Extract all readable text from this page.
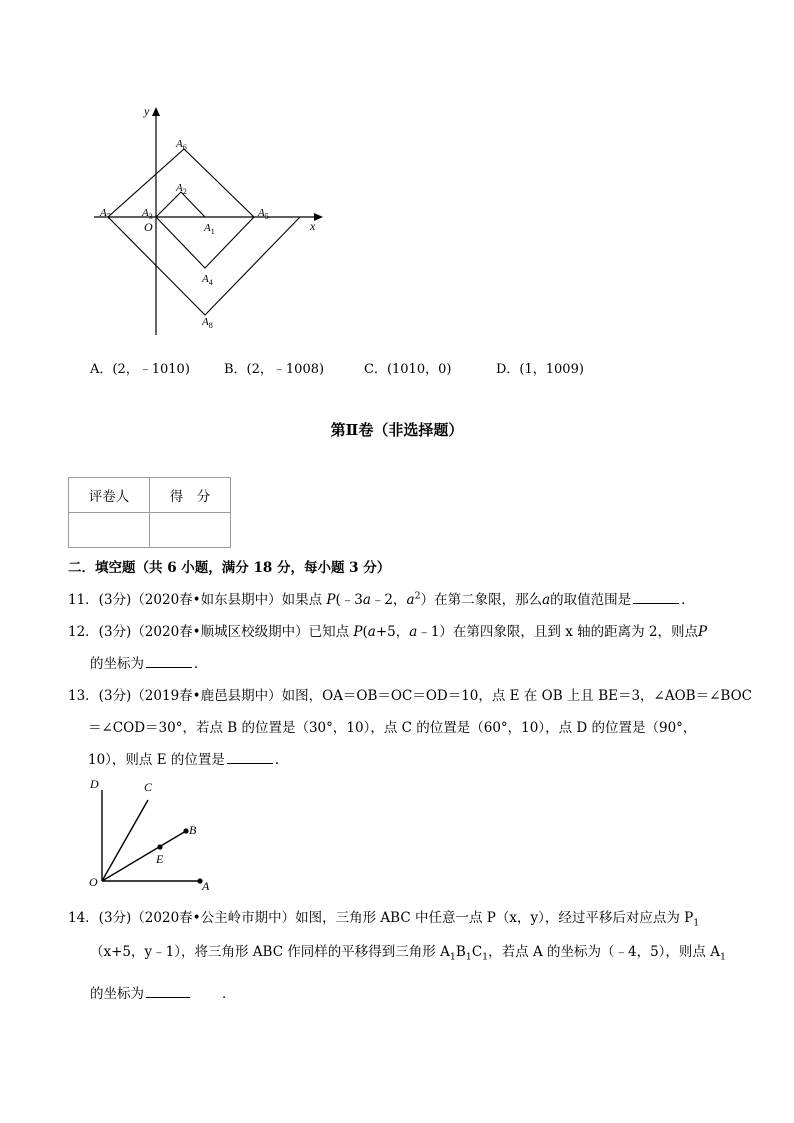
y
x
O
$A_6$
$A_2$
$A_7$	$A_3$	$A_5$
$A_1$
$A_4$
$A_8$
A．(2，﹣1010)	B．(2，﹣1008)	C．(1010，0)	D．(1，1009)
第Ⅱ卷（非选择题）
评卷人	得　分

二．填空题（共 6 小题，满分 18 分，每小题 3 分）
11．(3分)（2020春•如东县期中）如果点 P(﹣3a﹣2，$a^2$）在第二象限，那么a的取值范围是	．
12．(3分)（2020春•顺城区校级期中）已知点 P(a+5，a﹣1）在第四象限，且到 x 轴的距离为 2，则点P
的坐标为	．
13．(3分)（2019春•鹿邑县期中）如图，OA＝OB＝OC＝OD＝10，点 E 在 OB 上且 BE＝3，∠AOB＝∠BOC
＝∠COD＝30°，若点 B 的位置是（30°，10），点 C 的位置是（60°，10），点 D 的位置是（90°，
10），则点 E 的位置是	．
D	C
B
E
O	A
14．(3分)（2020春•公主岭市期中）如图，三角形 ABC 中任意一点 P（x，y），经过平移后对应点为 $P_1$
（x+5，y﹣1），将三角形 ABC 作同样的平移得到三角形 $A_1B_1C_1$，若点 A 的坐标为（﹣4，5），则点 $A_1$
的坐标为	．
